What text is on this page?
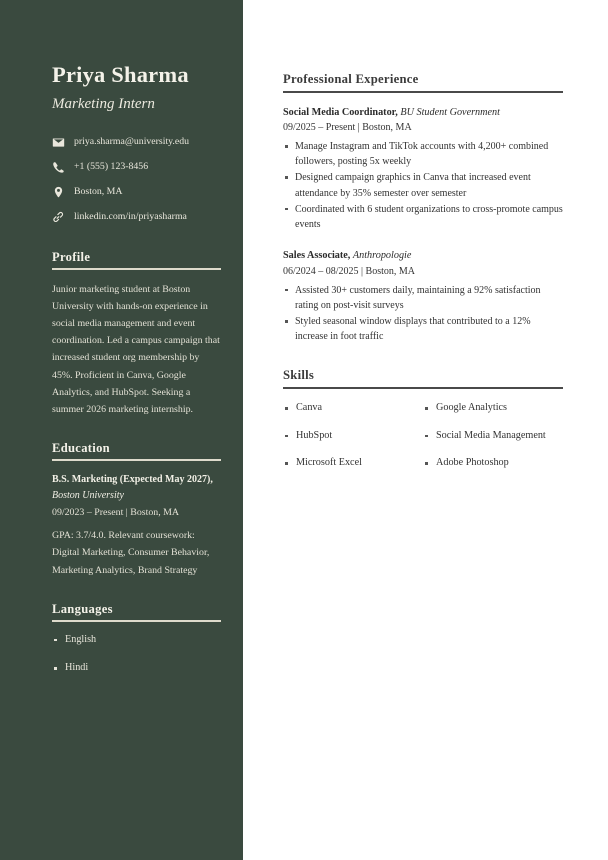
Priya Sharma
Marketing Intern
priya.sharma@university.edu
+1 (555) 123-8456
Boston, MA
linkedin.com/in/priyasharma
Profile

Junior marketing student at Boston University with hands-on experience in social media management and event coordination. Led a campus campaign that increased student org membership by 45%. Proficient in Canva, Google Analytics, and HubSpot. Seeking a summer 2026 marketing internship.

Education

B.S. Marketing (Expected May 2027), Boston University

09/2023 – Present | Boston, MA

GPA: 3.7/4.0. Relevant coursework: Digital Marketing, Consumer Behavior, Marketing Analytics, Brand Strategy

Languages
English
Hindi
Professional Experience

Social Media Coordinator, BU Student Government

09/2025 – Present | Boston, MA

Manage Instagram and TikTok accounts with 4,200+ combined followers, posting 5x weekly
Designed campaign graphics in Canva that increased event attendance by 35% semester over semester
Coordinated with 6 student organizations to cross-promote campus events

Sales Associate, Anthropologie

06/2024 – 08/2025 | Boston, MA

Assisted 30+ customers daily, maintaining a 92% satisfaction rating on post-visit surveys
Styled seasonal window displays that contributed to a 12% increase in foot traffic
Skills
Canva
HubSpot
Microsoft Excel
Google Analytics
Social Media Management
Adobe Photoshop
